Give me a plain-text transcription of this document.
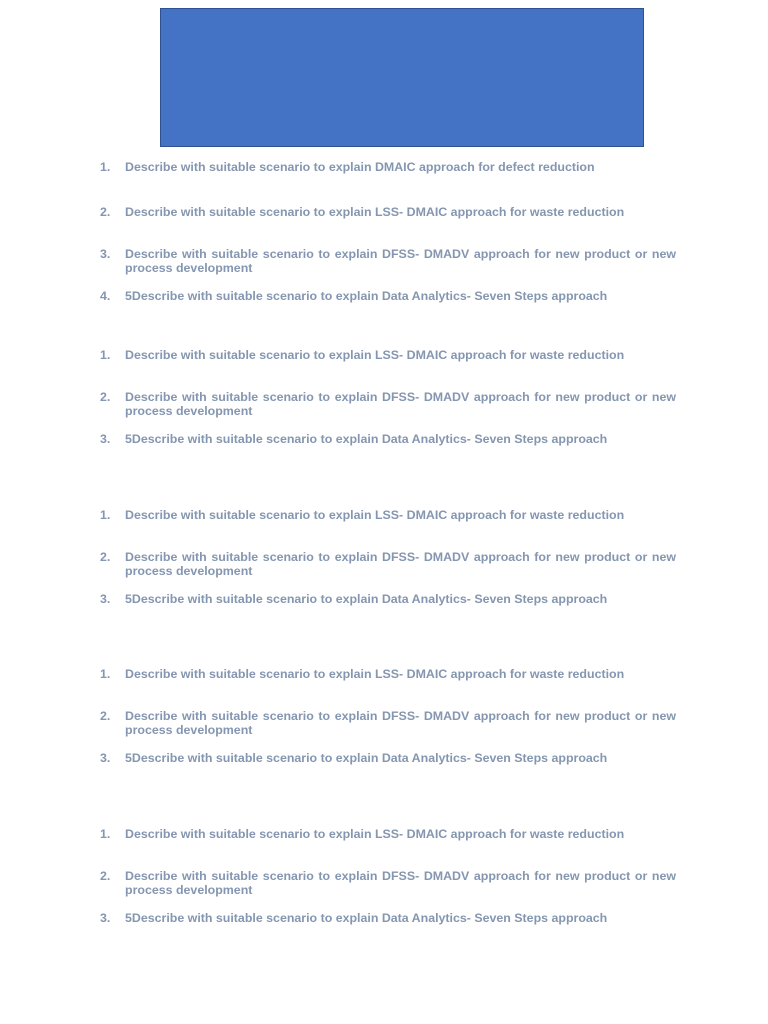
1.	Describe with suitable scenario to explain DMAIC approach for defect reduction
2.	Describe with suitable scenario to explain LSS- DMAIC approach for waste reduction
3.	Describe with suitable scenario to explain DFSS- DMADV approach for new product or new process development
4.	5Describe with suitable scenario to explain Data Analytics- Seven Steps approach
1.	Describe with suitable scenario to explain LSS- DMAIC approach for waste reduction
2.	Describe with suitable scenario to explain DFSS- DMADV approach for new product or new process development
3.	5Describe with suitable scenario to explain Data Analytics- Seven Steps approach
1.	Describe with suitable scenario to explain LSS- DMAIC approach for waste reduction
2.	Describe with suitable scenario to explain DFSS- DMADV approach for new product or new process development
3.	5Describe with suitable scenario to explain Data Analytics- Seven Steps approach
1.	Describe with suitable scenario to explain LSS- DMAIC approach for waste reduction
2.	Describe with suitable scenario to explain DFSS- DMADV approach for new product or new process development
3.	5Describe with suitable scenario to explain Data Analytics- Seven Steps approach
1.	Describe with suitable scenario to explain LSS- DMAIC approach for waste reduction
2.	Describe with suitable scenario to explain DFSS- DMADV approach for new product or new process development
3.	5Describe with suitable scenario to explain Data Analytics- Seven Steps approach
